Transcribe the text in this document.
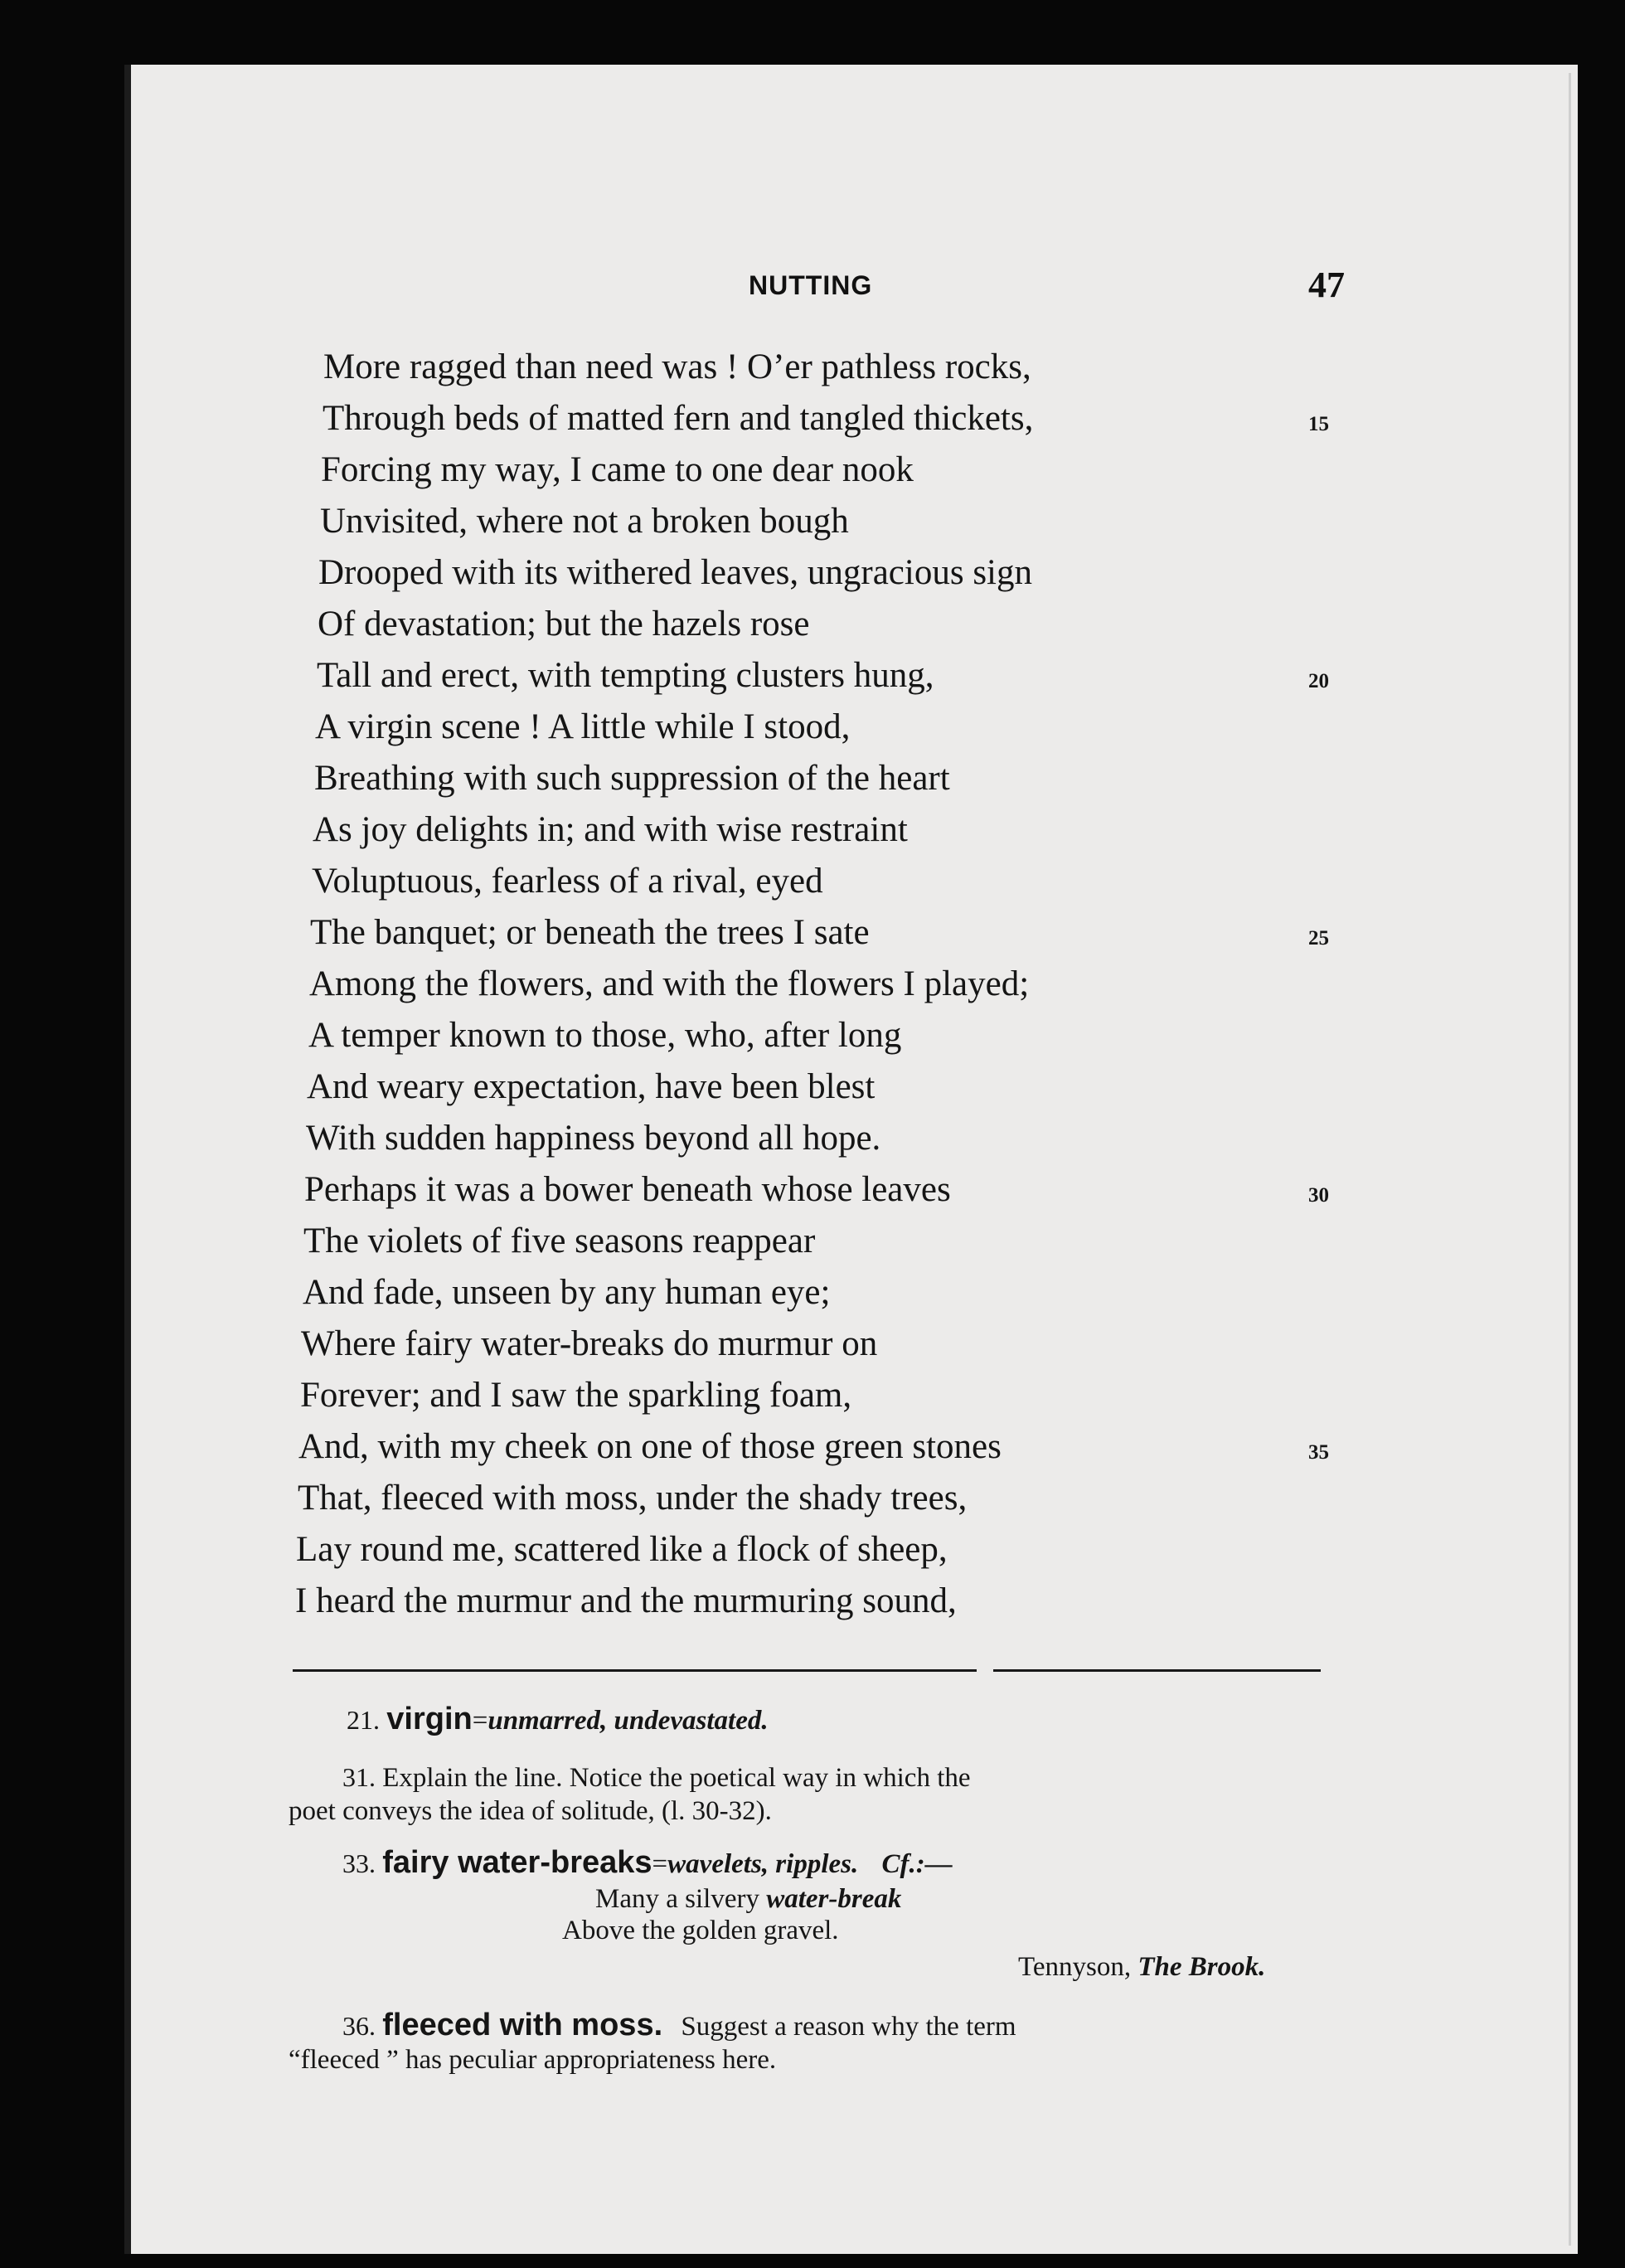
NUTTING	47
More ragged than need was ! O’er pathless rocks,
Through beds of matted fern and tangled thickets,	15
Forcing my way, I came to one dear nook
Unvisited, where not a broken bough
Drooped with its withered leaves, ungracious sign
Of devastation; but the hazels rose
Tall and erect, with tempting clusters hung,	20
A virgin scene ! A little while I stood,
Breathing with such suppression of the heart
As joy delights in; and with wise restraint
Voluptuous, fearless of a rival, eyed
The banquet; or beneath the trees I sate	25
Among the flowers, and with the flowers I played;
A temper known to those, who, after long
And weary expectation, have been blest
With sudden happiness beyond all hope.
Perhaps it was a bower beneath whose leaves	30
The violets of five seasons reappear
And fade, unseen by any human eye;
Where fairy water-breaks do murmur on
Forever; and I saw the sparkling foam,
And, with my cheek on one of those green stones	35
That, fleeced with moss, under the shady trees,
Lay round me, scattered like a flock of sheep,
I heard the murmur and the murmuring sound,
21. virgin=unmarred, undevastated.
31. Explain the line. Notice the poetical way in which the
poet conveys the idea of solitude, (l. 30-32).
33. fairy water-breaks=wavelets, ripples. Cf.:—
Many a silvery water-break
Above the golden gravel.
Tennyson, The Brook.
36. fleeced with moss. Suggest a reason why the term
“fleeced ” has peculiar appropriateness here.
